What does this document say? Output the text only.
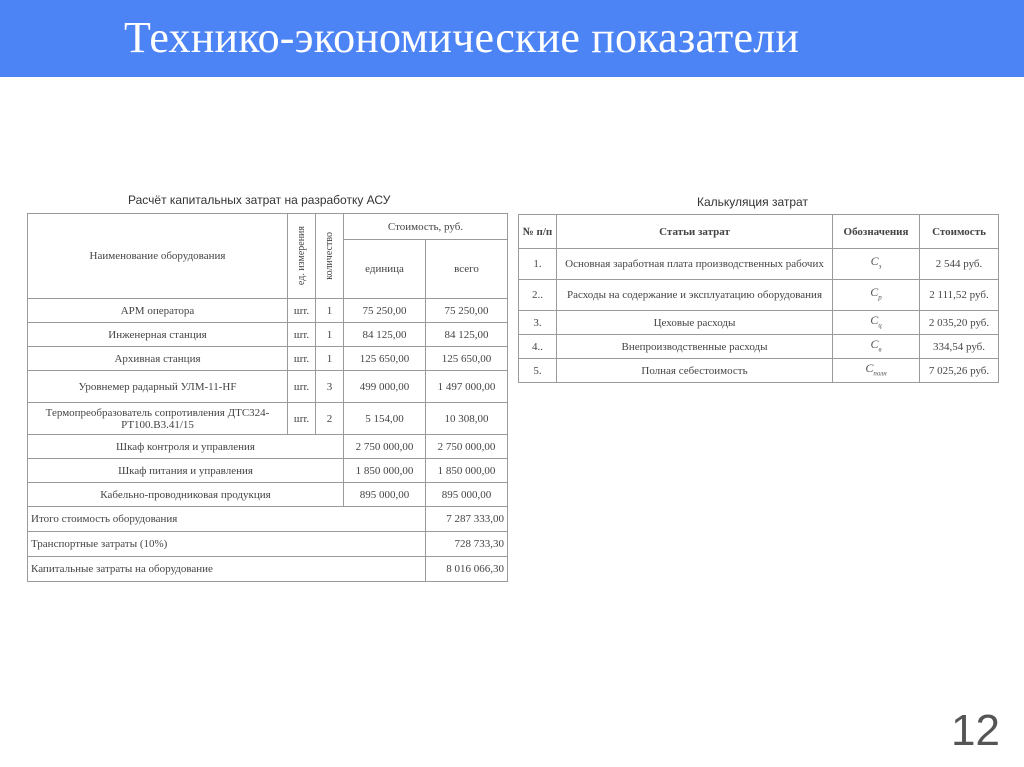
Технико-экономические показатели
Расчёт капитальных затрат на разработку АСУ
Наименование оборудования	ед. измерения	количество	Стоимость, руб.	
			единица	всего
АРМ оператора	шт.	1	75 250,00	75 250,00
Инженерная станция	шт.	1	84 125,00	84 125,00
Архивная станция	шт.	1	125 650,00	125 650,00
Уровнемер радарный УЛМ-11-HF	шт.	3	499 000,00	1 497 000,00
Термопреобразователь сопротивления ДТС324- РТ100.В3.41/15	шт.	2	5 154,00	10 308,00
Шкаф контроля и управления			2 750 000,00	2 750 000,00
Шкаф питания и управления			1 850 000,00	1 850 000,00
Кабельно-проводниковая продукция			895 000,00	895 000,00
Итого стоимость оборудования				7 287 333,00
Транспортные затраты (10%)				728 733,30
Капитальные затраты на оборудование				8 016 066,30
Калькуляция затрат
№ п/п	Статьи затрат	Обозначения	Стоимость
1.	Основная заработная плата производственных рабочих	$C_з$	2 544 руб.
2..	Расходы на содержание и эксплуатацию оборудования	$C_р$	2 111,52 руб.
3.	Цеховые расходы	$C_ц$	2 035,20 руб.
4..	Внепроизводственные расходы	$C_в$	334,54 руб.
5.	Полная себестоимость	$C_{полн}$	7 025,26 руб.
12
